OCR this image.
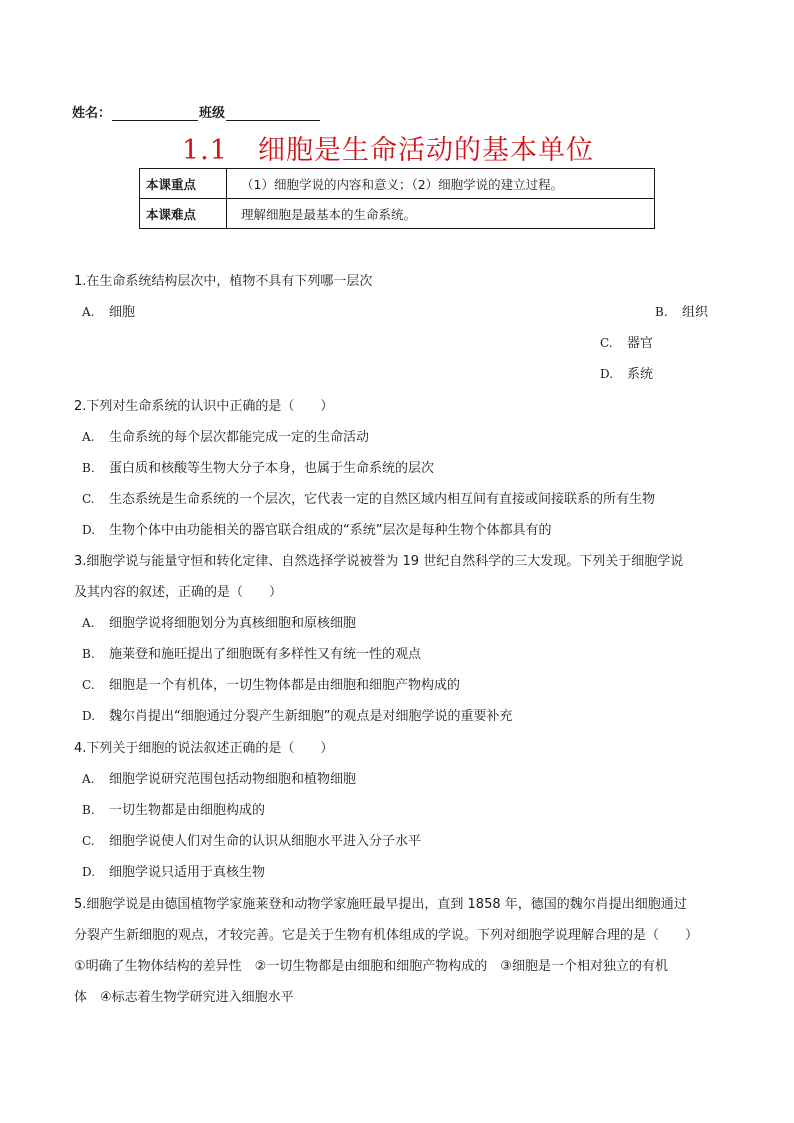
姓名：	班级
1.1 细胞是生命活动的基本单位
本课重点	（1）细胞学说的内容和意义；（2）细胞学说的建立过程。
本课难点	理解细胞是最基本的生命系统。
1.在生命系统结构层次中，植物不具有下列哪一层次
A. 细胞	B. 组织
C. 器官
D. 系统
2.下列对生命系统的认识中正确的是（　　）
A. 生命系统的每个层次都能完成一定的生命活动
B. 蛋白质和核酸等生物大分子本身，也属于生命系统的层次
C. 生态系统是生命系统的一个层次，它代表一定的自然区域内相互间有直接或间接联系的所有生物
D. 生物个体中由功能相关的器官联合组成的“系统”层次是每种生物个体都具有的
3.细胞学说与能量守恒和转化定律、自然选择学说被誉为 19 世纪自然科学的三大发现。下列关于细胞学说
及其内容的叙述，正确的是（　　）
A. 细胞学说将细胞划分为真核细胞和原核细胞
B. 施莱登和施旺提出了细胞既有多样性又有统一性的观点
C. 细胞是一个有机体，一切生物体都是由细胞和细胞产物构成的
D. 魏尔肖提出“细胞通过分裂产生新细胞”的观点是对细胞学说的重要补充
4.下列关于细胞的说法叙述正确的是（　　）
A. 细胞学说研究范围包括动物细胞和植物细胞
B. 一切生物都是由细胞构成的
C. 细胞学说使人们对生命的认识从细胞水平进入分子水平
D. 细胞学说只适用于真核生物
5.细胞学说是由德国植物学家施莱登和动物学家施旺最早提出，直到 1858 年，德国的魏尔肖提出细胞通过
分裂产生新细胞的观点，才较完善。它是关于生物有机体组成的学说。下列对细胞学说理解合理的是（　　）
①明确了生物体结构的差异性　②一切生物都是由细胞和细胞产物构成的　③细胞是一个相对独立的有机
体　④标志着生物学研究进入细胞水平
